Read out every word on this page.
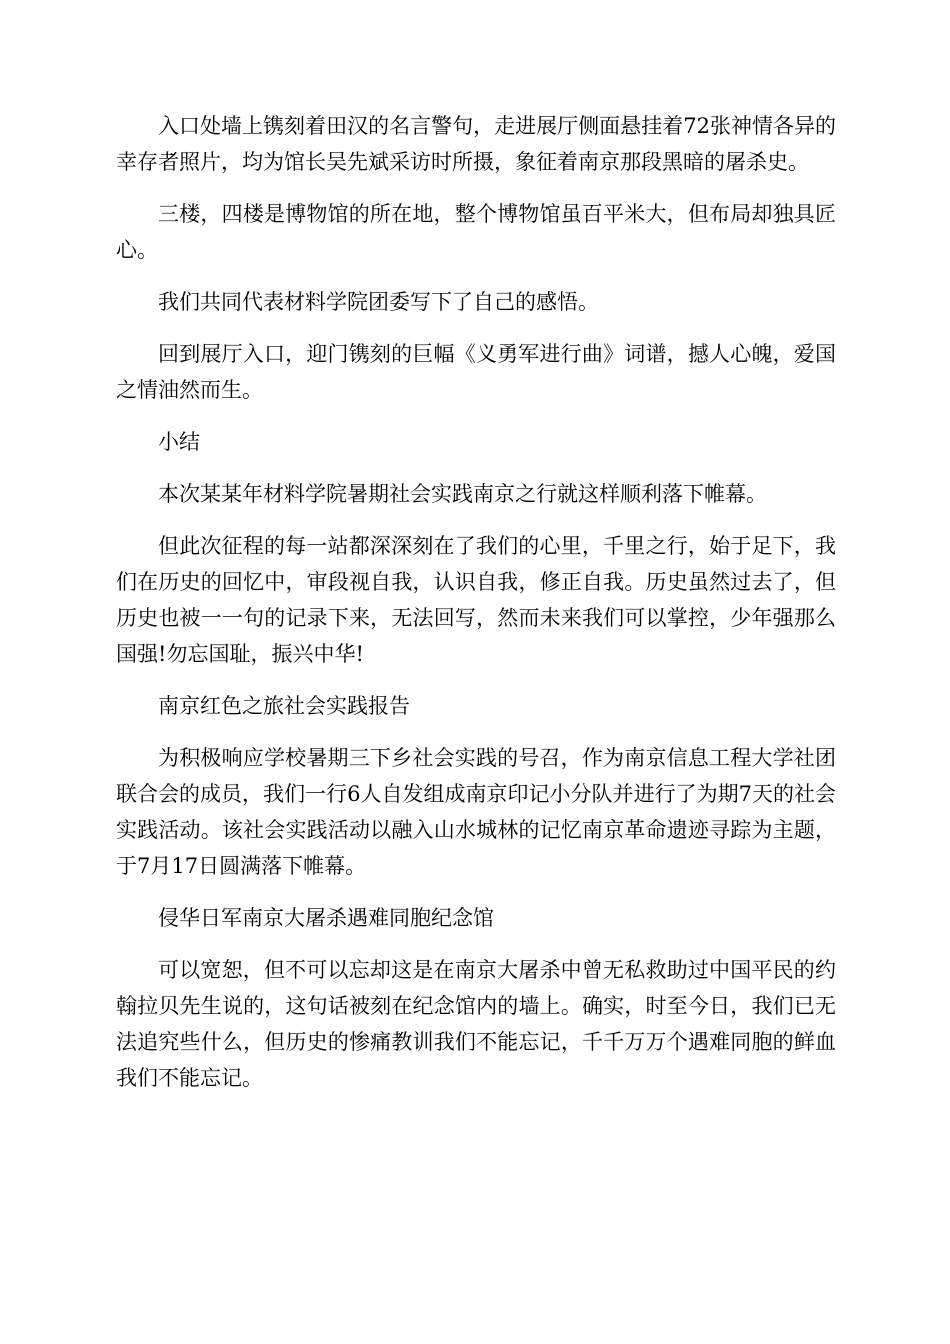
入口处墙上镌刻着田汉的名言警句，走进展厅侧面悬挂着72张神情各异的幸存者照片，均为馆长吴先斌采访时所摄，象征着南京那段黑暗的屠杀史。

三楼，四楼是博物馆的所在地，整个博物馆虽百平米大，但布局却独具匠心。

我们共同代表材料学院团委写下了自己的感悟。

回到展厅入口，迎门镌刻的巨幅《义勇军进行曲》词谱，撼人心魄，爱国之情油然而生。

小结

本次某某年材料学院暑期社会实践南京之行就这样顺利落下帷幕。

但此次征程的每一站都深深刻在了我们的心里，千里之行，始于足下，我们在历史的回忆中，审段视自我，认识自我，修正自我。历史虽然过去了，但历史也被一一句的记录下来，无法回写，然而未来我们可以掌控，少年强那么国强!勿忘国耻，振兴中华!

南京红色之旅社会实践报告

为积极响应学校暑期三下乡社会实践的号召，作为南京信息工程大学社团联合会的成员，我们一行6人自发组成南京印记小分队并进行了为期7天的社会实践活动。该社会实践活动以融入山水城林的记忆南京革命遗迹寻踪为主题，于7月17日圆满落下帷幕。

侵华日军南京大屠杀遇难同胞纪念馆

可以宽恕，但不可以忘却这是在南京大屠杀中曾无私救助过中国平民的约翰拉贝先生说的，这句话被刻在纪念馆内的墙上。确实，时至今日，我们已无法追究些什么，但历史的惨痛教训我们不能忘记，千千万万个遇难同胞的鲜血我们不能忘记。
